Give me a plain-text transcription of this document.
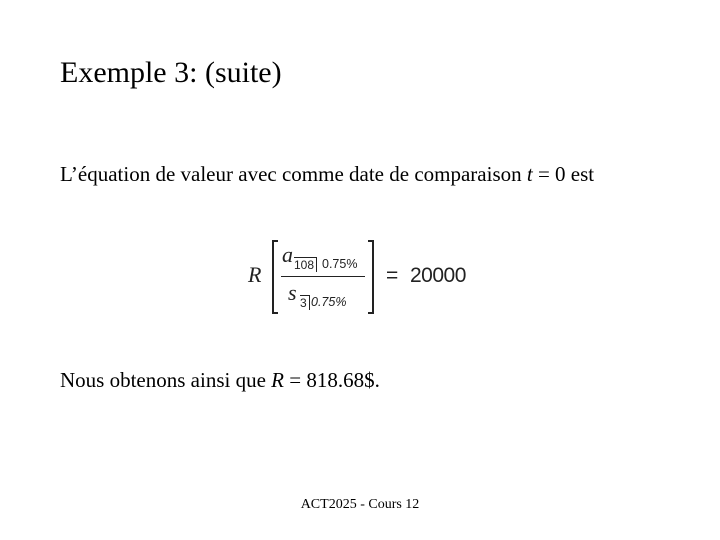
Exemple 3: (suite)
L’équation de valeur avec comme date de comparaison t = 0 est
R
a 108 0.75%
s 3 0.75%
= 20000
Nous obtenons ainsi que R = 818.68$.
ACT2025 - Cours 12
